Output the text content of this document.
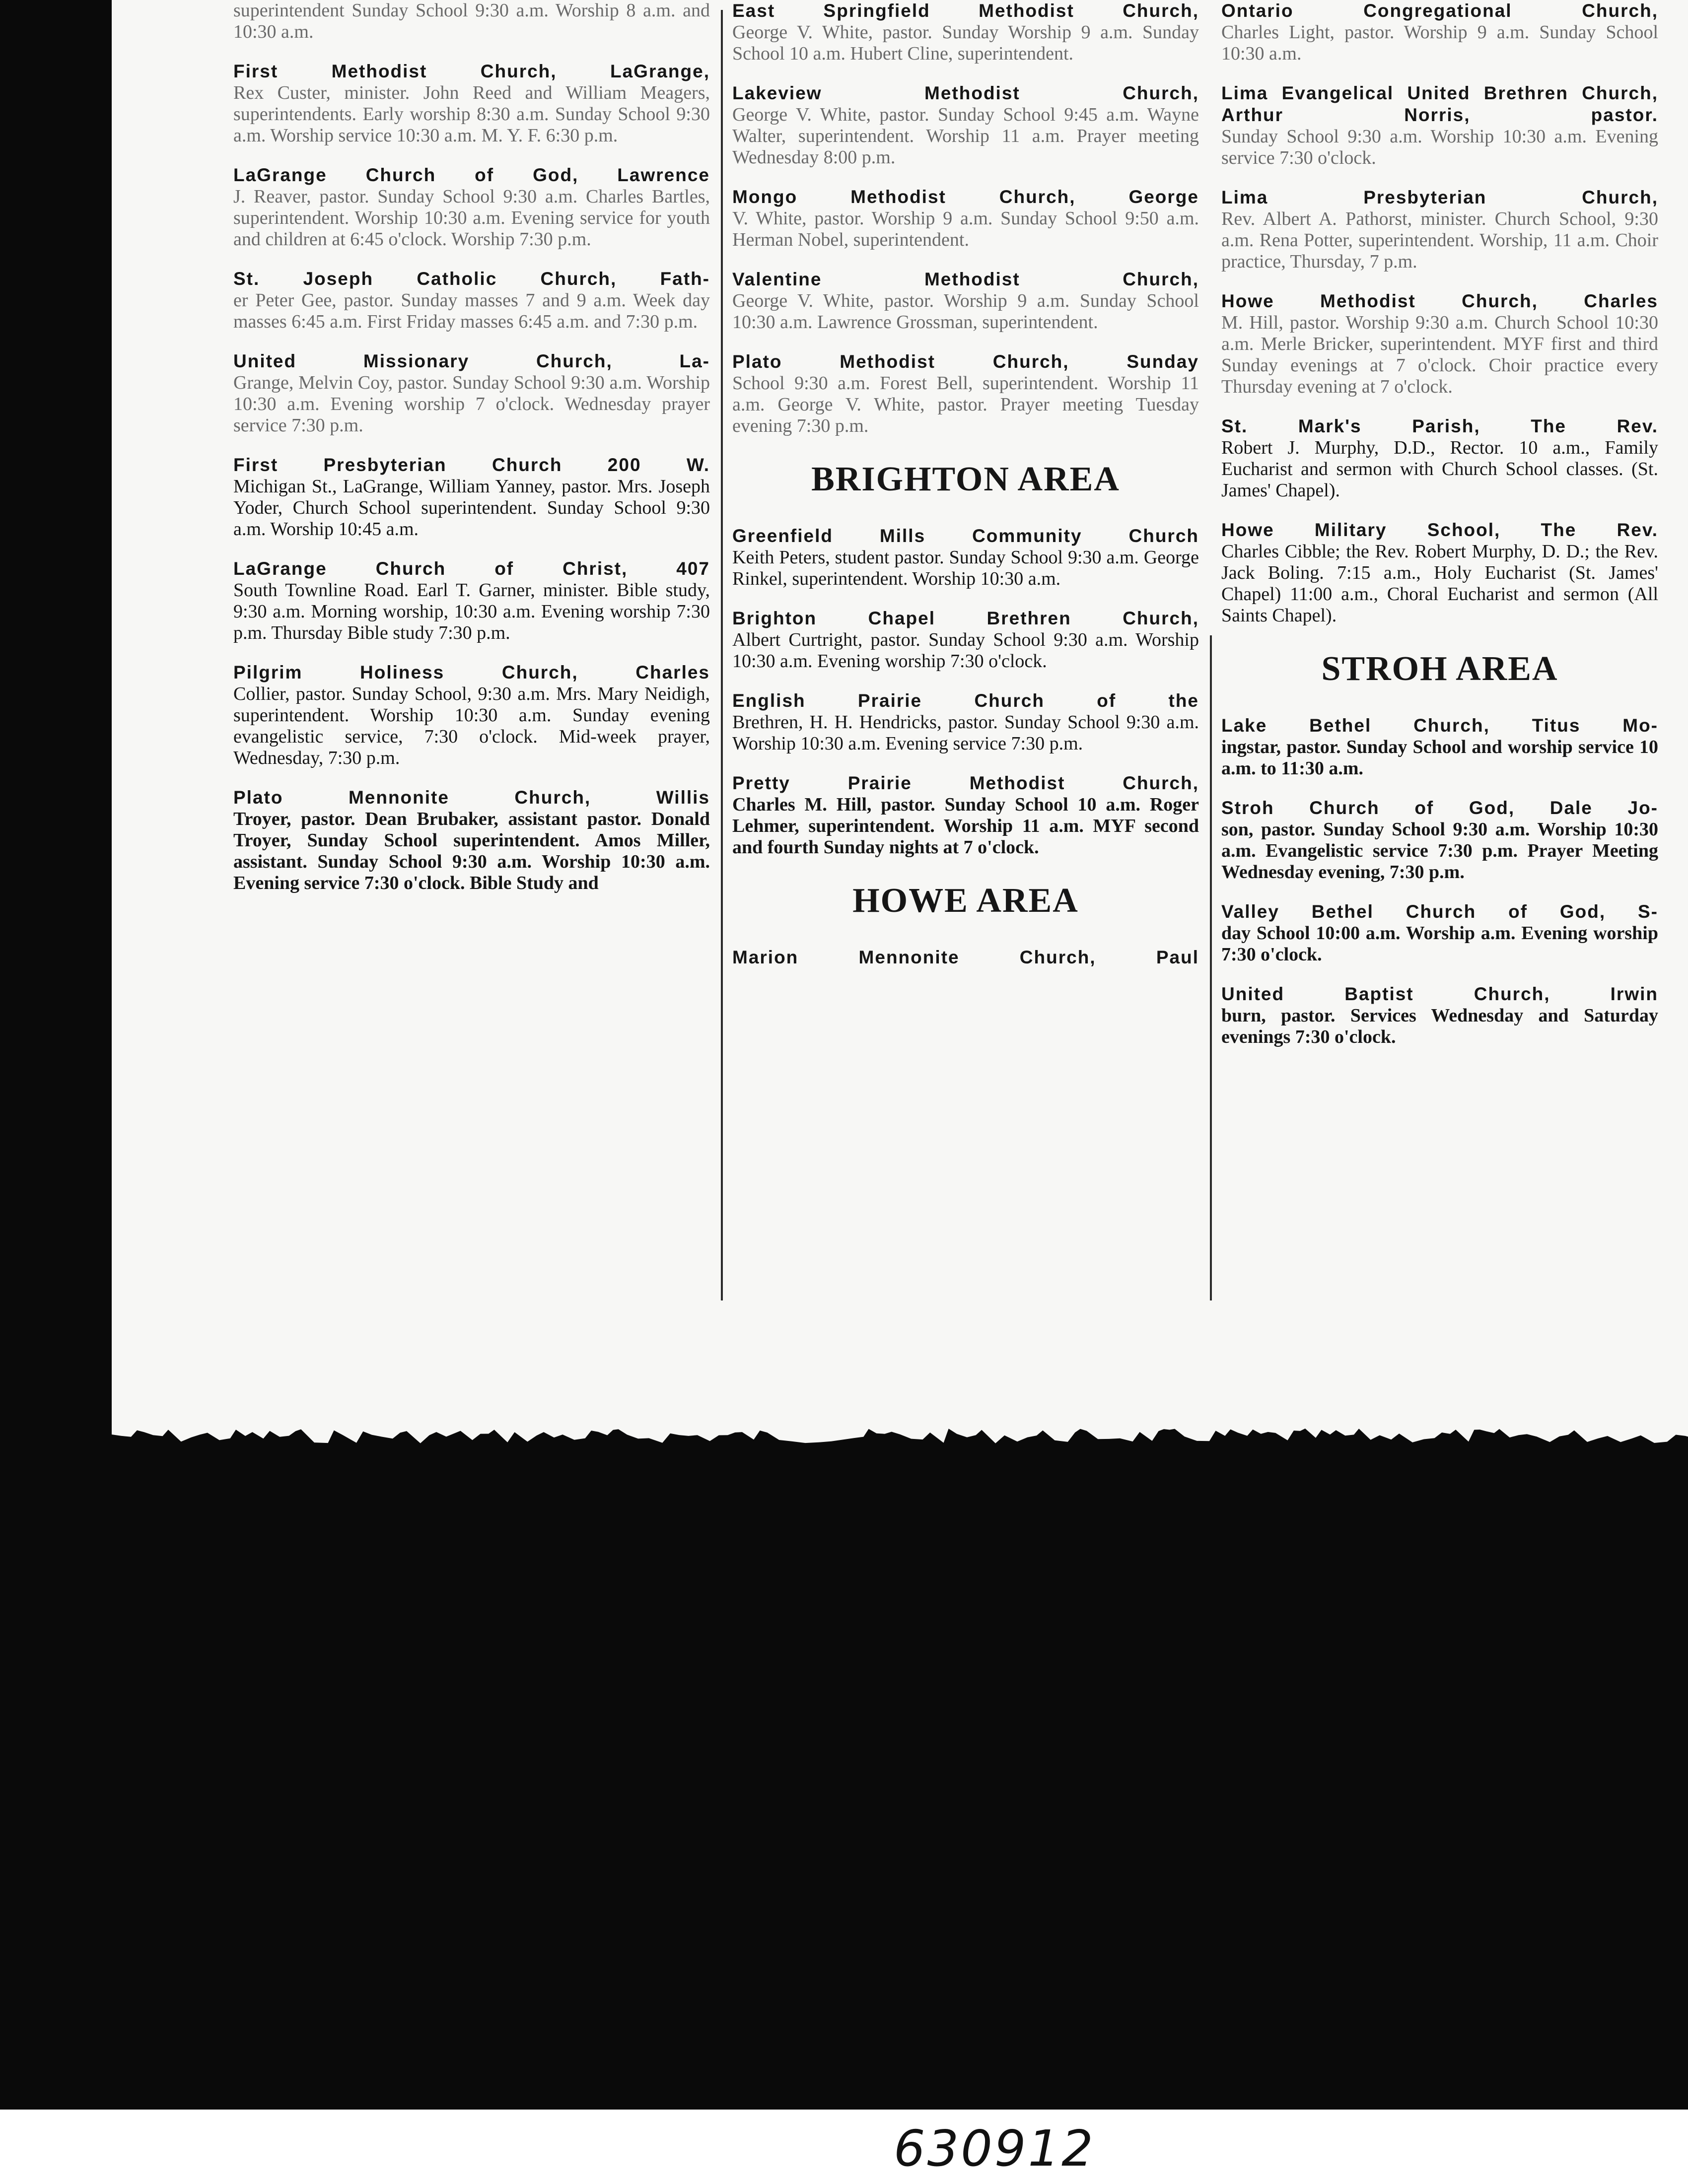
superintendent Sunday School 9:30 a.m. Worship 8 a.m. and 10:30 a.m.

First Methodist Church, LaGrange,

Rex Custer, minister. John Reed and William Meagers, superintendents. Early worship 8:30 a.m. Sunday School 9:30 a.m. Worship service 10:30 a.m. M. Y. F. 6:30 p.m.

LaGrange Church of God, Lawrence

J. Reaver, pastor. Sunday School 9:30 a.m. Charles Bartles, superintendent. Worship 10:30 a.m. Evening service for youth and children at 6:45 o'clock. Worship 7:30 p.m.

St. Joseph Catholic Church, Fath-

er Peter Gee, pastor. Sunday masses 7 and 9 a.m. Week day masses 6:45 a.m. First Friday masses 6:45 a.m. and 7:30 p.m.

United Missionary Church, La-

Grange, Melvin Coy, pastor. Sunday School 9:30 a.m. Worship 10:30 a.m. Evening worship 7 o'clock. Wednesday prayer service 7:30 p.m.

First Presbyterian Church 200 W.

Michigan St., LaGrange, William Yanney, pastor. Mrs. Joseph Yoder, Church School superintendent. Sunday School 9:30 a.m. Worship 10:45 a.m.

LaGrange Church of Christ, 407

South Townline Road. Earl T. Garner, minister. Bible study, 9:30 a.m. Morning worship, 10:30 a.m. Evening worship 7:30 p.m. Thursday Bible study 7:30 p.m.

Pilgrim Holiness Church, Charles

Collier, pastor. Sunday School, 9:30 a.m. Mrs. Mary Neidigh, superintendent. Worship 10:30 a.m. Sunday evening evangelistic service, 7:30 o'clock. Mid-week prayer, Wednesday, 7:30 p.m.

Plato Mennonite Church, Willis

Troyer, pastor. Dean Brubaker, assistant pastor. Donald Troyer, Sunday School superintendent. Amos Miller, assistant. Sunday School 9:30 a.m. Worship 10:30 a.m. Evening service 7:30 o'clock. Bible Study and

East Springfield Methodist Church,

George V. White, pastor. Sunday Worship 9 a.m. Sunday School 10 a.m. Hubert Cline, superintendent.

Lakeview Methodist Church,

George V. White, pastor. Sunday School 9:45 a.m. Wayne Walter, superintendent. Worship 11 a.m. Prayer meeting Wednesday 8:00 p.m.

Mongo Methodist Church, George

V. White, pastor. Worship 9 a.m. Sunday School 9:50 a.m. Herman Nobel, superintendent.

Valentine Methodist Church,

George V. White, pastor. Worship 9 a.m. Sunday School 10:30 a.m. Lawrence Grossman, superintendent.

Plato Methodist Church, Sunday

School 9:30 a.m. Forest Bell, superintendent. Worship 11 a.m. George V. White, pastor. Prayer meeting Tuesday evening 7:30 p.m.

BRIGHTON AREA

Greenfield Mills Community Church

Keith Peters, student pastor. Sunday School 9:30 a.m. George Rinkel, superintendent. Worship 10:30 a.m.

Brighton Chapel Brethren Church,

Albert Curtright, pastor. Sunday School 9:30 a.m. Worship 10:30 a.m. Evening worship 7:30 o'clock.

English Prairie Church of the

Brethren, H. H. Hendricks, pastor. Sunday School 9:30 a.m. Worship 10:30 a.m. Evening service 7:30 p.m.

Pretty Prairie Methodist Church,

Charles M. Hill, pastor. Sunday School 10 a.m. Roger Lehmer, superintendent. Worship 11 a.m. MYF second and fourth Sunday nights at 7 o'clock.

HOWE AREA

Marion Mennonite Church, Paul

Ontario Congregational Church,

Charles Light, pastor. Worship 9 a.m. Sunday School 10:30 a.m.

Lima Evangelical United Brethren Church, Arthur Norris, pastor.

Sunday School 9:30 a.m. Worship 10:30 a.m. Evening service 7:30 o'clock.

Lima Presbyterian Church,

Rev. Albert A. Pathorst, minister. Church School, 9:30 a.m. Rena Potter, superintendent. Worship, 11 a.m. Choir practice, Thursday, 7 p.m.

Howe Methodist Church, Charles

M. Hill, pastor. Worship 9:30 a.m. Church School 10:30 a.m. Merle Bricker, superintendent. MYF first and third Sunday evenings at 7 o'clock. Choir practice every Thursday evening at 7 o'clock.

St. Mark's Parish, The Rev.

Robert J. Murphy, D.D., Rector. 10 a.m., Family Eucharist and sermon with Church School classes. (St. James' Chapel).

Howe Military School, The Rev.

Charles Cibble; the Rev. Robert Murphy, D. D.; the Rev. Jack Boling. 7:15 a.m., Holy Eucharist (St. James' Chapel) 11:00 a.m., Choral Eucharist and sermon (All Saints Chapel).

STROH AREA

Lake Bethel Church, Titus Mo-

ingstar, pastor. Sunday School and worship service 10 a.m. to 11:30 a.m.

Stroh Church of God, Dale Jo-

son, pastor. Sunday School 9:30 a.m. Worship 10:30 a.m. Evangelistic service 7:30 p.m. Prayer Meeting Wednesday evening, 7:30 p.m.

Valley Bethel Church of God, S-

day School 10:00 a.m. Worship a.m. Evening worship 7:30 o'clock.

United Baptist Church, Irwin

burn, pastor. Services Wednesday and Saturday evenings 7:30 o'clock.

630912
